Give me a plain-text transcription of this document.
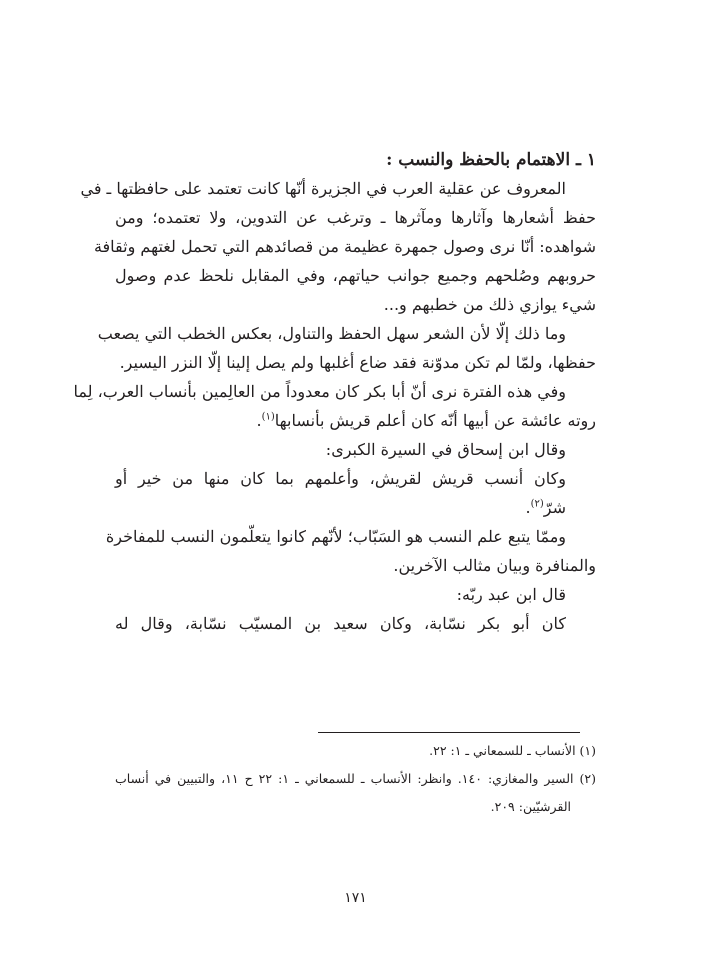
١ ـ الاهتمام بالحفظ والنسب :
المعروف عن عقلية العرب في الجزيرة أنّها كانت تعتمد على حافظتها ـ في
حفظ أشعارها وآثارها ومآثرها ـ وترغب عن التدوين، ولا تعتمده؛ ومن
شواهده: أنّا نرى وصول جمهرة عظيمة من قصائدهم التي تحمل لغتهم وثقافة
حروبهم وصُلحهم وجميع جوانب حياتهم، وفي المقابل نلحظ عدم وصول
شيء يوازي ذلك من خطبهم و...
وما ذلك إلّا لأن الشعر سهل الحفظ والتناول، بعكس الخطب التي يصعب
حفظها، ولمّا لم تكن مدوّنة فقد ضاع أغلبها ولم يصل إلينا إلّا النزر اليسير.
وفي هذه الفترة نرى أنّ أبا بكر كان معدوداً من العالِمين بأنساب العرب، لِما
روته عائشة عن أبيها أنّه كان أعلم قريش بأنسابها$^{(١)}$.
وقال ابن إسحاق في السيرة الكبرى:
وكان أنسب قريش لقريش، وأعلمهم بما كان منها من خير أو
شرّ$^{(٢)}$.
وممّا يتبع علم النسب هو السَبّاب؛ لأنّهم كانوا يتعلّمون النسب للمفاخرة
والمنافرة وبيان مثالب الآخرين.
قال ابن عبد ربّه:
كان أبو بكر نسّابة، وكان سعيد بن المسيّب نسّابة، وقال له
(١) الأنساب ـ للسمعاني ـ ١: ٢٢.
(٢) السير والمغازي: ١٤٠. وانظر: الأنساب ـ للسمعاني ـ ١: ٢٢ ح ١١، والتبيين في أنساب
القرشيّين: ٢٠٩.
١٧١
